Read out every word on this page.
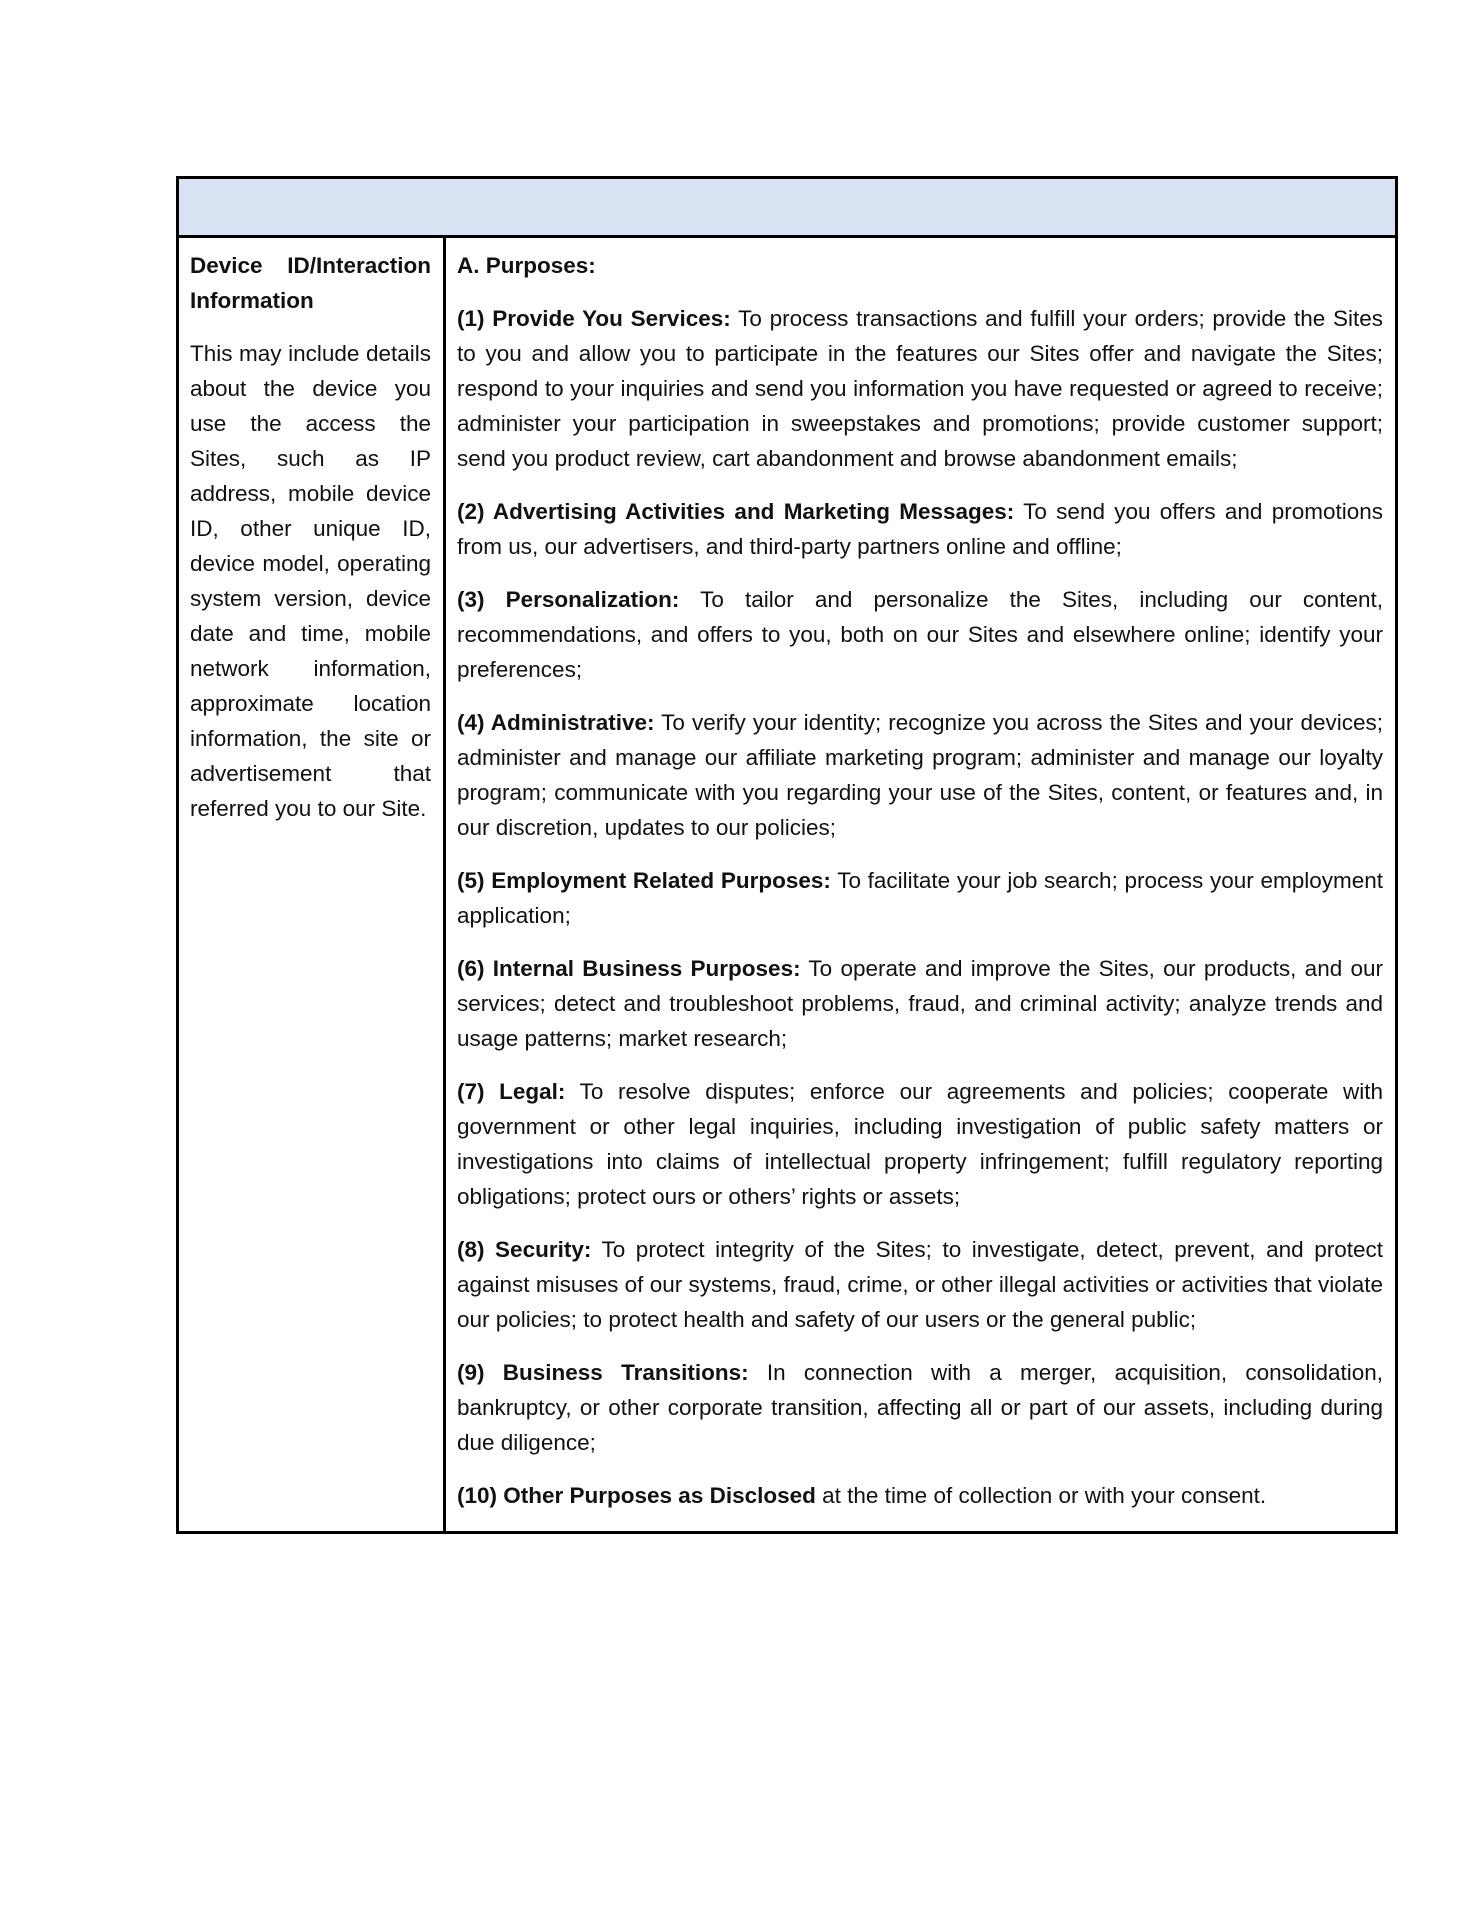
Device ID/Interaction Information

This may include details about the device you use the access the Sites, such as IP address, mobile device ID, other unique ID, device model, operating system version, device date and time, mobile network information, approximate location information, the site or advertisement that referred you to our Site.

A. Purposes:

(1) Provide You Services: To process transactions and fulfill your orders; provide the Sites to you and allow you to participate in the features our Sites offer and navigate the Sites; respond to your inquiries and send you information you have requested or agreed to receive; administer your participation in sweepstakes and promotions; provide customer support; send you product review, cart abandonment and browse abandonment emails;

(2) Advertising Activities and Marketing Messages: To send you offers and promotions from us, our advertisers, and third-party partners online and offline;

(3) Personalization: To tailor and personalize the Sites, including our content, recommendations, and offers to you, both on our Sites and elsewhere online; identify your preferences;

(4) Administrative: To verify your identity; recognize you across the Sites and your devices; administer and manage our affiliate marketing program; administer and manage our loyalty program; communicate with you regarding your use of the Sites, content, or features and, in our discretion, updates to our policies;

(5) Employment Related Purposes: To facilitate your job search; process your employment application;

(6) Internal Business Purposes: To operate and improve the Sites, our products, and our services; detect and troubleshoot problems, fraud, and criminal activity; analyze trends and usage patterns; market research;

(7) Legal: To resolve disputes; enforce our agreements and policies; cooperate with government or other legal inquiries, including investigation of public safety matters or investigations into claims of intellectual property infringement; fulfill regulatory reporting obligations; protect ours or others’ rights or assets;

(8) Security: To protect integrity of the Sites; to investigate, detect, prevent, and protect against misuses of our systems, fraud, crime, or other illegal activities or activities that violate our policies; to protect health and safety of our users or the general public;

(9) Business Transitions: In connection with a merger, acquisition, consolidation, bankruptcy, or other corporate transition, affecting all or part of our assets, including during due diligence;

(10) Other Purposes as Disclosed at the time of collection or with your consent.
